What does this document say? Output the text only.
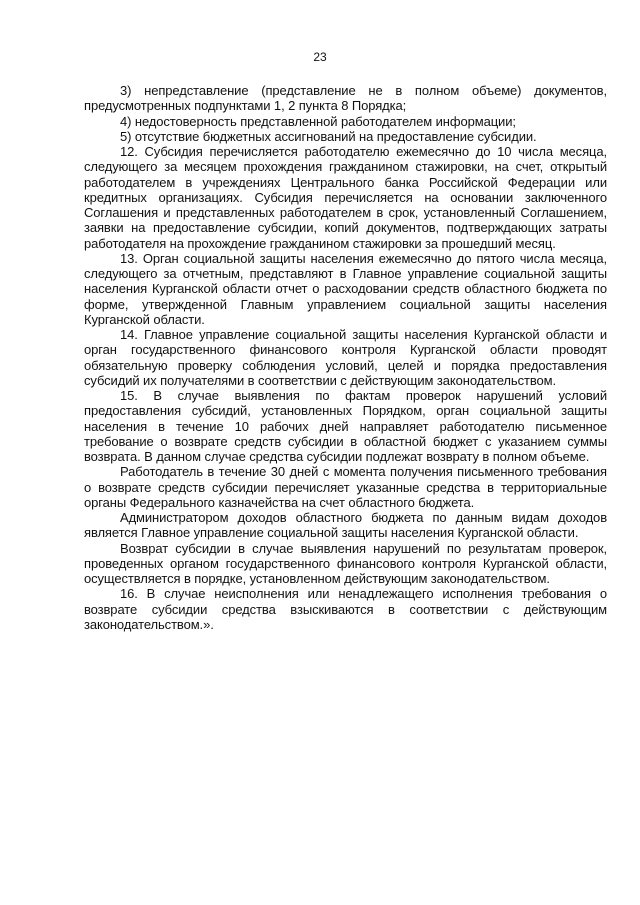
23

3) непредставление (представление не в полном объеме) документов, предусмотренных подпунктами 1, 2 пункта 8 Порядка;

4) недостоверность представленной работодателем информации;

5) отсутствие бюджетных ассигнований на предоставление субсидии.

12. Субсидия перечисляется работодателю ежемесячно до 10 числа месяца, следующего за месяцем прохождения гражданином стажировки, на счет, открытый работодателем в учреждениях Центрального банка Российской Федерации или кредитных организациях. Субсидия перечисляется на основании заключенного Соглашения и представленных работодателем в срок, установленный Соглашением, заявки на предоставление субсидии, копий документов, подтверждающих затраты работодателя на прохождение гражданином стажировки за прошедший месяц.

13. Орган социальной защиты населения ежемесячно до пятого числа месяца, следующего за отчетным, представляют в Главное управление социальной защиты населения Курганской области отчет о расходовании средств областного бюджета по форме, утвержденной Главным управлением социальной защиты населения Курганской области.

14. Главное управление социальной защиты населения Курганской области и орган государственного финансового контроля Курганской области проводят обязательную проверку соблюдения условий, целей и порядка предоставления субсидий их получателями в соответствии с действующим законодательством.

15. В случае выявления по фактам проверок нарушений условий предоставления субсидий, установленных Порядком, орган социальной защиты населения в течение 10 рабочих дней направляет работодателю письменное требование о возврате средств субсидии в областной бюджет с указанием суммы возврата. В данном случае средства субсидии подлежат возврату в полном объеме.

Работодатель в течение 30 дней с момента получения письменного требования о возврате средств субсидии перечисляет указанные средства в территориальные органы Федерального казначейства на счет областного бюджета.

Администратором доходов областного бюджета по данным видам доходов является Главное управление социальной защиты населения Курганской области.

Возврат субсидии в случае выявления нарушений по результатам проверок, проведенных органом государственного финансового контроля Курганской области, осуществляется в порядке, установленном действующим законодательством.

16. В случае неисполнения или ненадлежащего исполнения требования о возврате субсидии средства взыскиваются в соответствии с действующим законодательством.».
